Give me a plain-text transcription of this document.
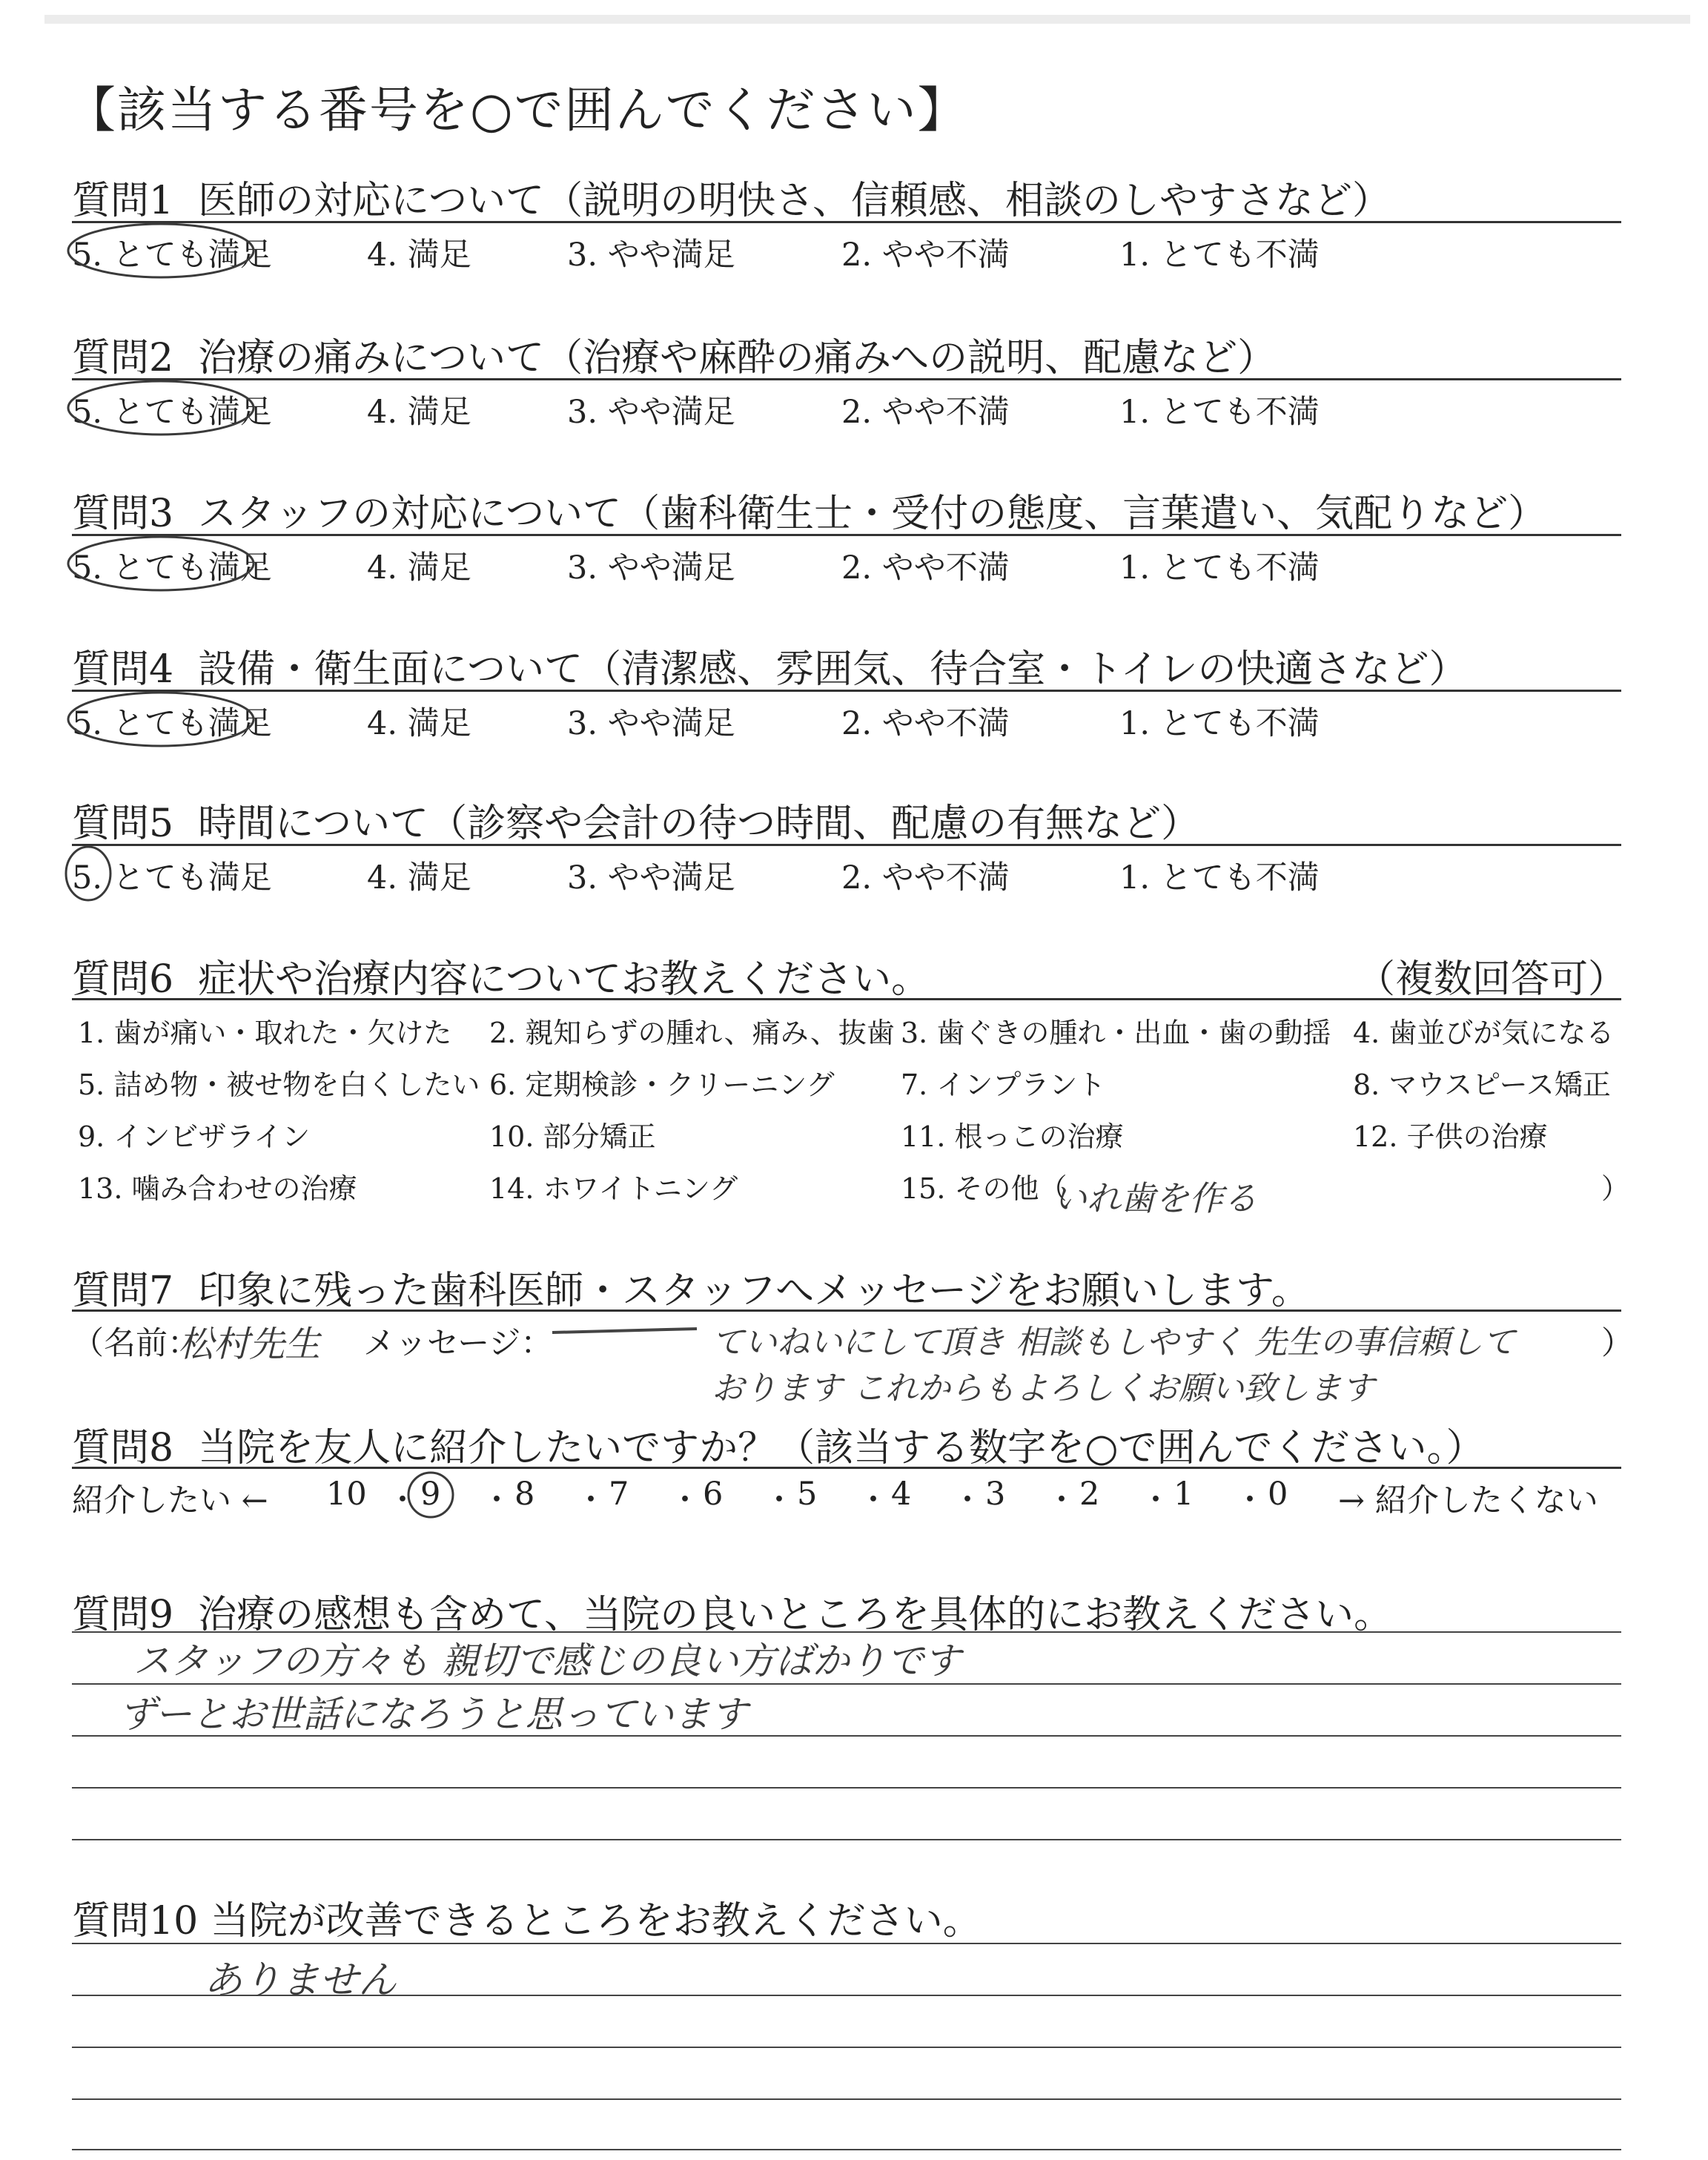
【該当する番号を○で囲んでください】
質問1 医師の対応について（説明の明快さ、信頼感、相談のしやすさなど）
5. とても満足	4. 満足	3. やや満足	2. やや不満	1. とても不満
質問2 治療の痛みについて（治療や麻酔の痛みへの説明、配慮など）
5. とても満足	4. 満足	3. やや満足	2. やや不満	1. とても不満
質問3 スタッフの対応について（歯科衛生士・受付の態度、言葉遣い、気配りなど）
5. とても満足	4. 満足	3. やや満足	2. やや不満	1. とても不満
質問4 設備・衛生面について（清潔感、雰囲気、待合室・トイレの快適さなど）
5. とても満足	4. 満足	3. やや満足	2. やや不満	1. とても不満
質問5 時間について（診察や会計の待つ時間、配慮の有無など）
5. とても満足	4. 満足	3. やや満足	2. やや不満	1. とても不満
質問6 症状や治療内容についてお教えください。	（複数回答可）
1. 歯が痛い・取れた・欠けた 2. 親知らずの腫れ、痛み、抜歯 3. 歯ぐきの腫れ・出血・歯の動揺 4. 歯並びが気になる
5. 詰め物・被せ物を白くしたい 6. 定期検診・クリーニング 7. インプラント	8. マウスピース矯正
9. インビザライン	10. 部分矯正	11. 根っこの治療	12. 子供の治療
13. 噛み合わせの治療	14. ホワイトニング	15. その他（	）
いれ歯を作る
質問7 印象に残った歯科医師・スタッフへメッセージをお願いします。
（名前：
松村先生 メッセージ：	ていねいにして頂き 相談もしやすく 先生の事信頼して
おります これからもよろしくお願い致します
）
質問8 当院を友人に紹介したいですか？（該当する数字を○で囲んでください。）
紹介したい ←	→ 紹介したくない
10 ・ 9 ・ 8 ・ 7 ・ 6 ・ 5 ・ 4 ・ 3 ・ 2 ・ 1 ・ 0
質問9 治療の感想も含めて、当院の良いところを具体的にお教えください。
スタッフの方々も 親切で感じの良い方ばかりです
ずーとお世話になろうと思っています
質問10 当院が改善できるところをお教えください。
ありません
